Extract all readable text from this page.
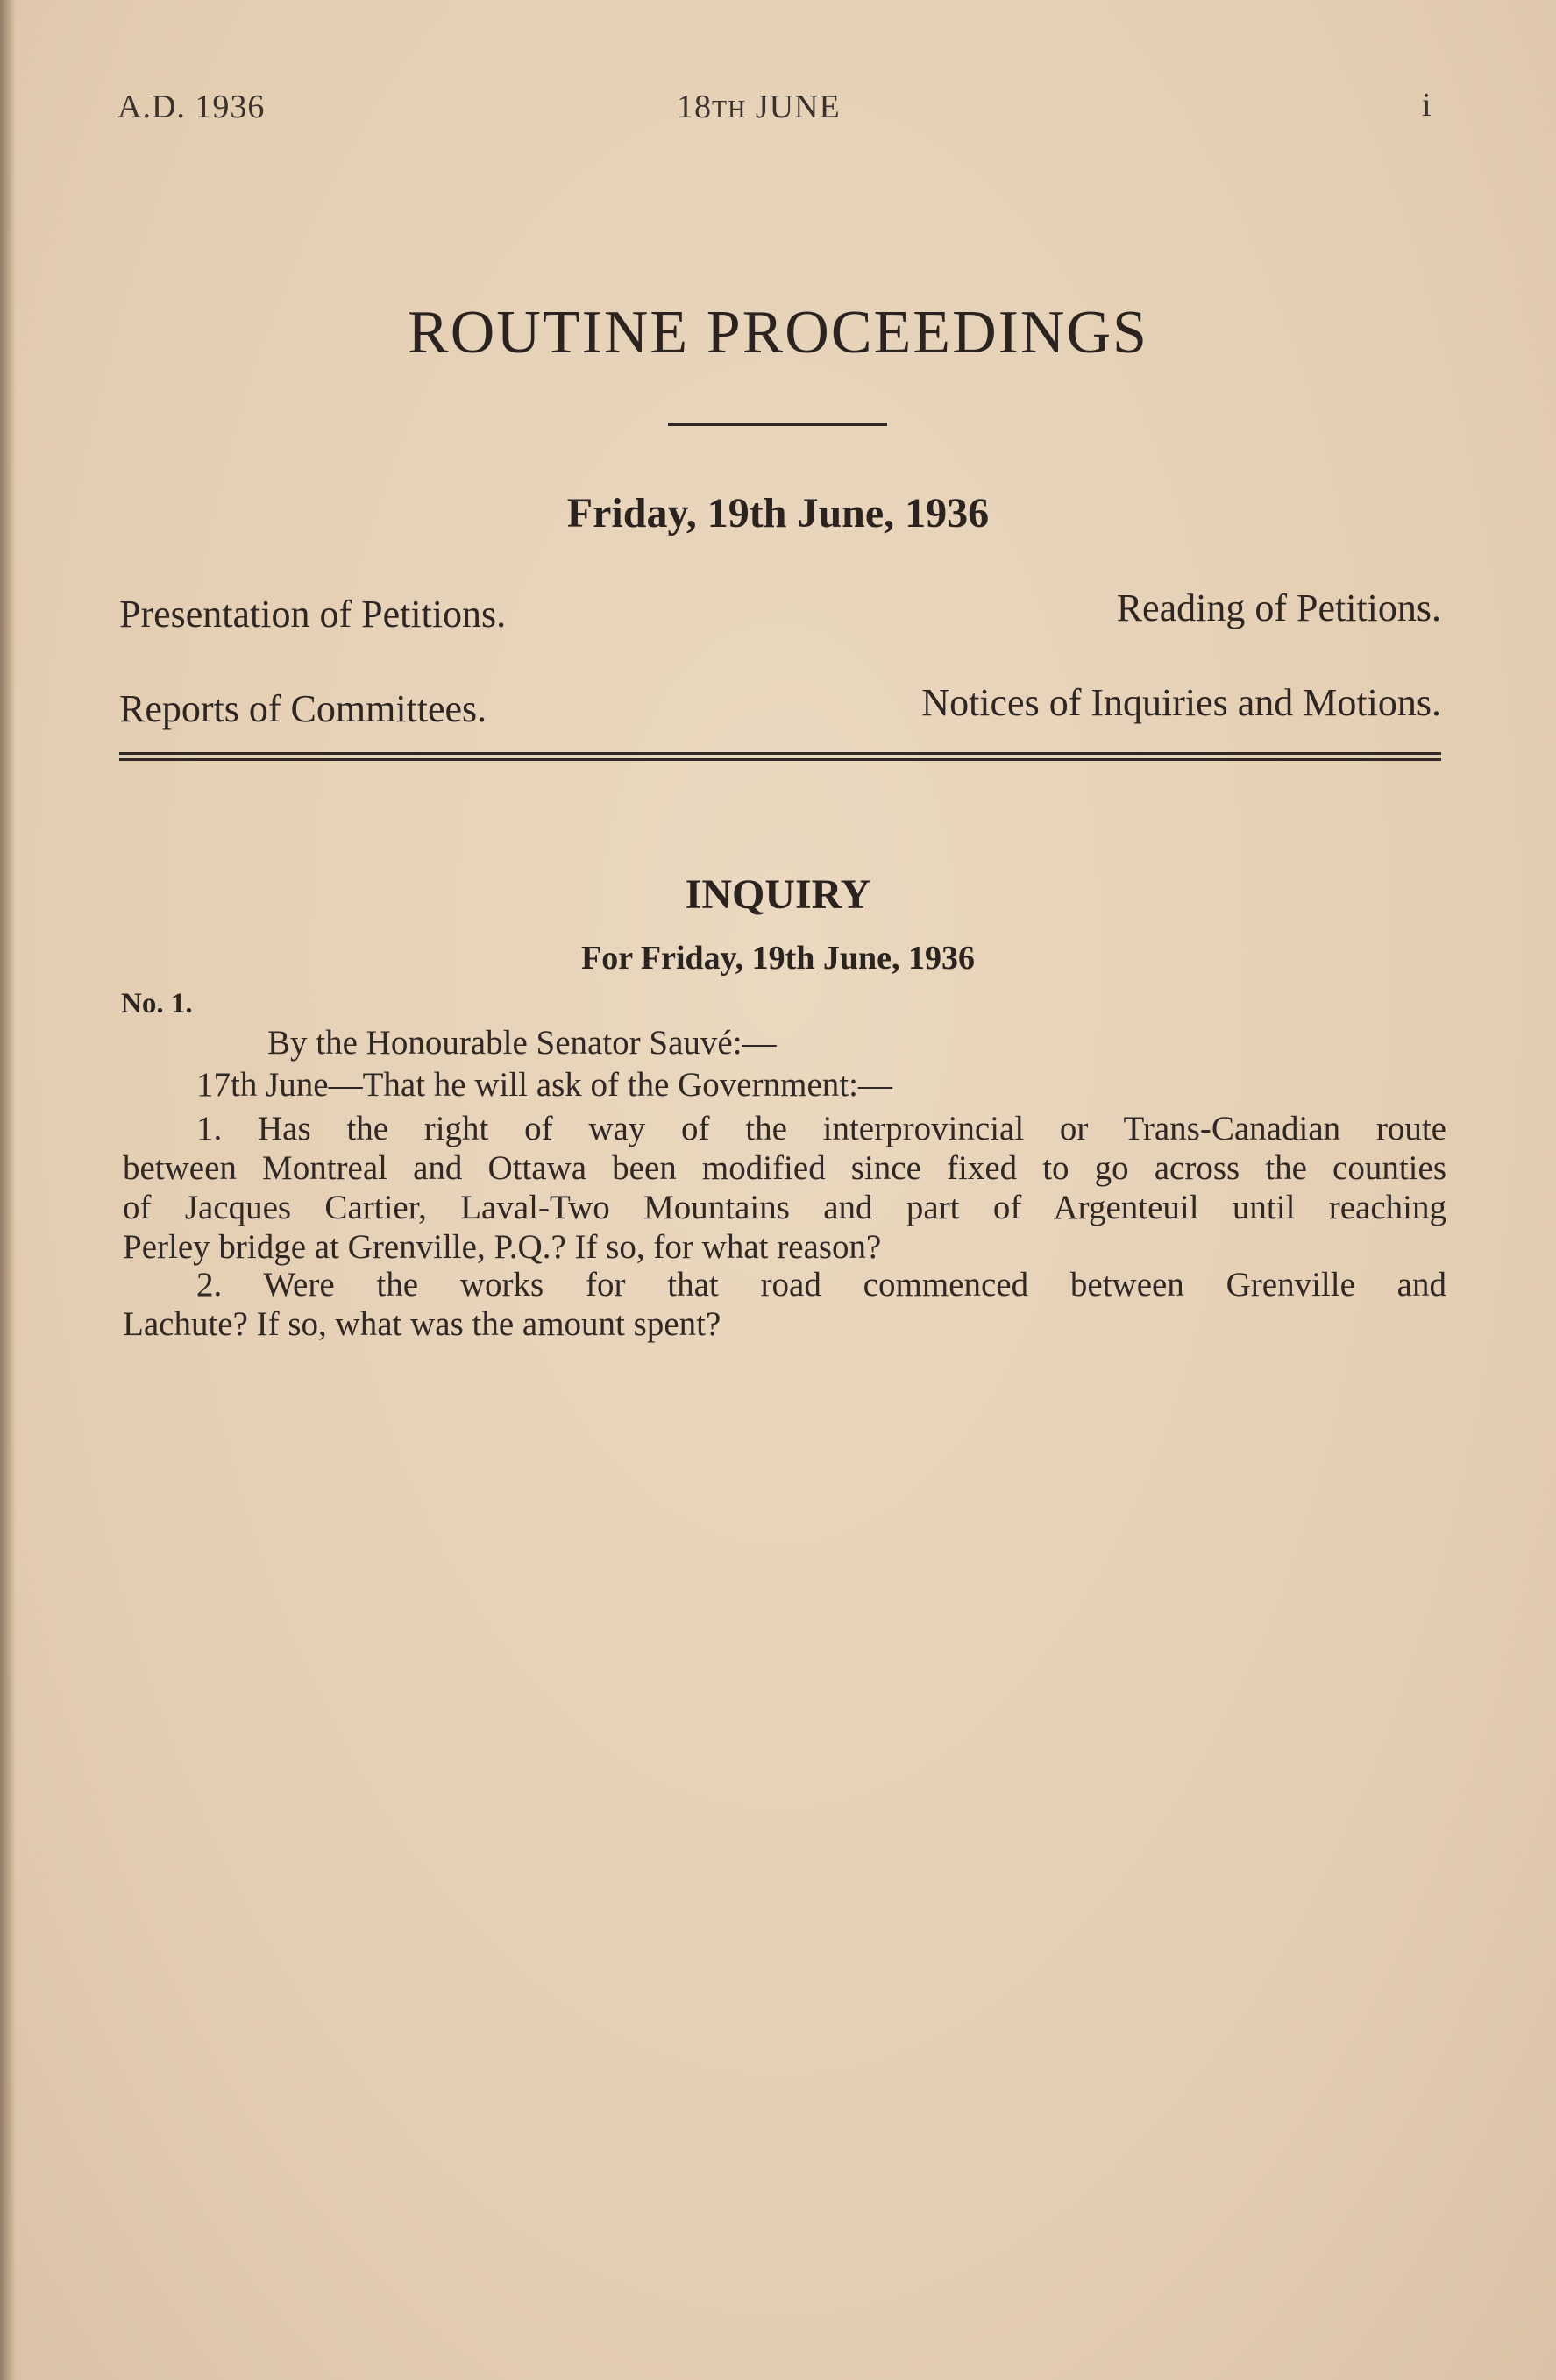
A.D. 1936	18TH JUNE	i
ROUTINE PROCEEDINGS
Friday, 19th June, 1936
Presentation of Petitions.	Reading of Petitions.
Reports of Committees.	Notices of Inquiries and Motions.
INQUIRY
For Friday, 19th June, 1936
No. 1.
By the Honourable Senator Sauvé:—
17th June—That he will ask of the Government:—
1. Has the right of way of the interprovincial or Trans-Canadian route
between Montreal and Ottawa been modified since fixed to go across the counties
of Jacques Cartier, Laval-Two Mountains and part of Argenteuil until reaching
Perley bridge at Grenville, P.Q.? If so, for what reason?
2. Were the works for that road commenced between Grenville and
Lachute? If so, what was the amount spent?
